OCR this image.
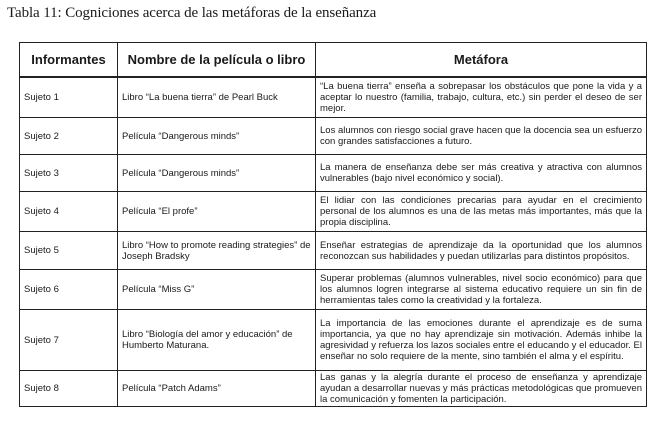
Tabla 11: Cogniciones acerca de las metáforas de la enseñanza
Informantes	Nombre de la película o libro	Metáfora
Sujeto 1	Libro “La buena tierra” de Pearl Buck	“La buena tierra” enseña a sobrepasar los obstáculos que pone la vida y a aceptar lo nuestro (familia, trabajo, cultura, etc.) sin perder el deseo de ser mejor.
Sujeto 2	Película “Dangerous minds”	Los alumnos con riesgo social grave hacen que la docencia sea un esfuerzo con grandes satisfacciones a futuro.
Sujeto 3	Película “Dangerous minds”	La manera de enseñanza debe ser más creativa y atractiva con alumnos vulnerables (bajo nivel económico y social).
Sujeto 4	Película “El profe”	El lidiar con las condiciones precarias para ayudar en el crecimiento personal de los alumnos es una de las metas más importantes, más que la propia disciplina.
Sujeto 5	Libro “How to promote reading strategies” de Joseph Bradsky	Enseñar estrategias de aprendizaje da la oportunidad que los alumnos reconozcan sus habilidades y puedan utilizarlas para distintos propósitos.
Sujeto 6	Película “Miss G”	Superar problemas (alumnos vulnerables, nivel socio económico) para que los alumnos logren integrarse al sistema educativo requiere un sin fin de herramientas tales como la creatividad y la fortaleza.
Sujeto 7	Libro “Biología del amor y educación” de Humberto Maturana.	La importancia de las emociones durante el aprendizaje es de suma importancia, ya que no hay aprendizaje sin motivación. Además inhibe la agresividad y refuerza los lazos sociales entre el educando y el educador. El enseñar no solo requiere de la mente, sino también el alma y el espíritu.
Sujeto 8	Película “Patch Adams”	Las ganas y la alegría durante el proceso de enseñanza y aprendizaje ayudan a desarrollar nuevas y más prácticas metodológicas que promueven la comunicación y fomenten la participación.
